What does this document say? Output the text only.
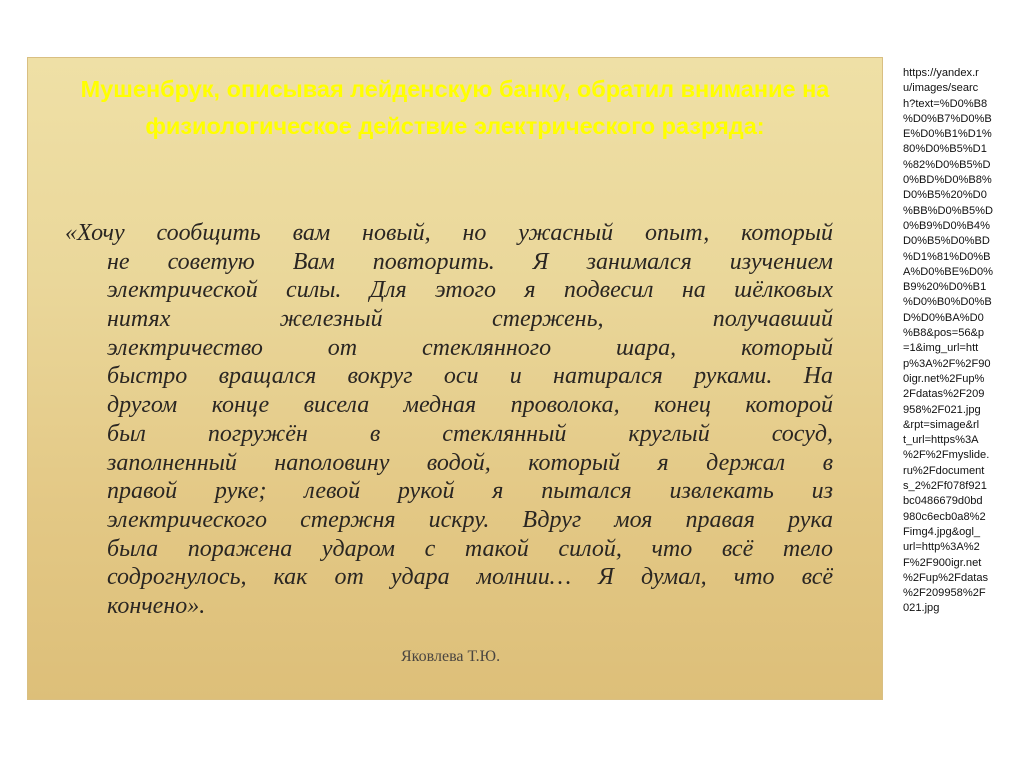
Мушенбрук, описывая лейденскую банку, обратил внимание на физиологическое действие электрического разряда:
«Хочу сообщить вам новый, но ужасный опыт, который
не советую Вам повторить. Я занимался изучением
электрической силы. Для этого я подвесил на шёлковых
нитях железный стержень, получавший
электричество от стеклянного шара, который
быстро вращался вокруг оси и натирался руками. На
другом конце висела медная проволока, конец которой
был погружён в стеклянный круглый сосуд,
заполненный наполовину водой, который я держал в
правой руке; левой рукой я пытался извлекать из
электрического стержня искру. Вдруг моя правая рука
была поражена ударом с такой силой, что всё тело
содрогнулось, как от удара молнии… Я думал, что всё
кончено».

Яковлева Т.Ю.

https://yandex.r
u/images/searc
h?text=%D0%B8
%D0%B7%D0%B
E%D0%B1%D1%
80%D0%B5%D1
%82%D0%B5%D
0%BD%D0%B8%
D0%B5%20%D0
%BB%D0%B5%D
0%B9%D0%B4%
D0%B5%D0%BD
%D1%81%D0%B
A%D0%BE%D0%
B9%20%D0%B1
%D0%B0%D0%B
D%D0%BA%D0
%B8&pos=56&p
=1&img_url=htt
p%3A%2F%2F90
0igr.net%2Fup%
2Fdatas%2F209
958%2F021.jpg
&rpt=simage&rl
t_url=https%3A
%2F%2Fmyslide.
ru%2Fdocument
s_2%2Ff078f921
bc0486679d0bd
980c6ecb0a8%2
Fimg4.jpg&ogl_
url=http%3A%2
F%2F900igr.net
%2Fup%2Fdatas
%2F209958%2F
021.jpg
